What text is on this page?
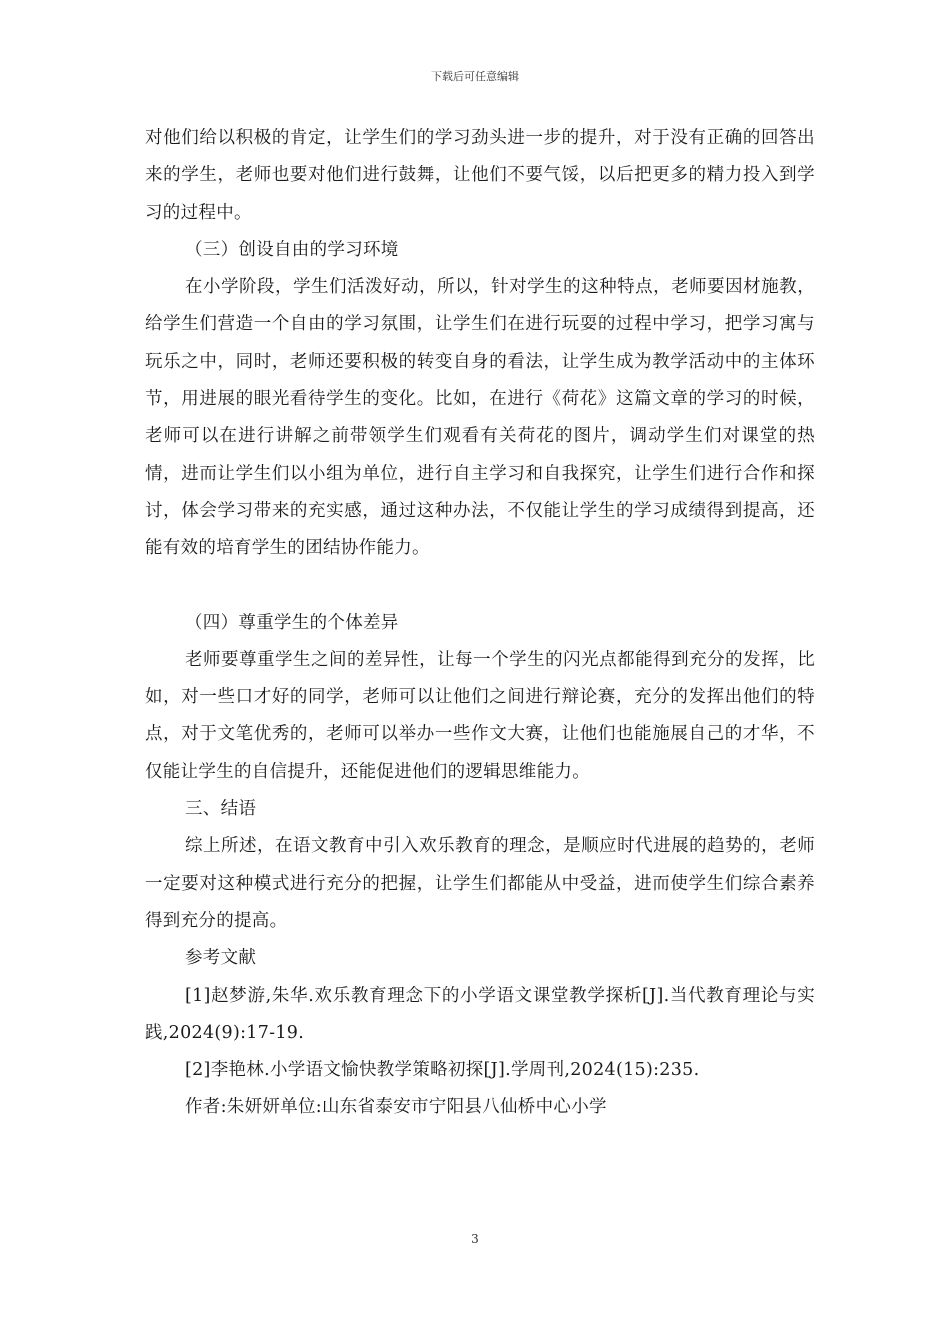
下载后可任意编辑

对他们给以积极的肯定，让学生们的学习劲头进一步的提升，对于没有正确的回答出来的学生，老师也要对他们进行鼓舞，让他们不要气馁，以后把更多的精力投入到学习的过程中。

（三）创设自由的学习环境

在小学阶段，学生们活泼好动，所以，针对学生的这种特点，老师要因材施教，给学生们营造一个自由的学习氛围，让学生们在进行玩耍的过程中学习，把学习寓与玩乐之中，同时，老师还要积极的转变自身的看法，让学生成为教学活动中的主体环节，用进展的眼光看待学生的变化。比如，在进行《荷花》这篇文章的学习的时候，老师可以在进行讲解之前带领学生们观看有关荷花的图片，调动学生们对课堂的热情，进而让学生们以小组为单位，进行自主学习和自我探究，让学生们进行合作和探讨，体会学习带来的充实感，通过这种办法，不仅能让学生的学习成绩得到提高，还能有效的培育学生的团结协作能力。

（四）尊重学生的个体差异

老师要尊重学生之间的差异性，让每一个学生的闪光点都能得到充分的发挥，比如，对一些口才好的同学，老师可以让他们之间进行辩论赛，充分的发挥出他们的特点，对于文笔优秀的，老师可以举办一些作文大赛，让他们也能施展自己的才华，不仅能让学生的自信提升，还能促进他们的逻辑思维能力。

三、结语

综上所述，在语文教育中引入欢乐教育的理念，是顺应时代进展的趋势的，老师一定要对这种模式进行充分的把握，让学生们都能从中受益，进而使学生们综合素养得到充分的提高。

参考文献

[1]赵梦游,朱华.欢乐教育理念下的小学语文课堂教学探析[J].当代教育理论与实践,2024(9):17-19.

[2]李艳林.小学语文愉快教学策略初探[J].学周刊,2024(15):235.

作者:朱妍妍单位:山东省泰安市宁阳县八仙桥中心小学

3
